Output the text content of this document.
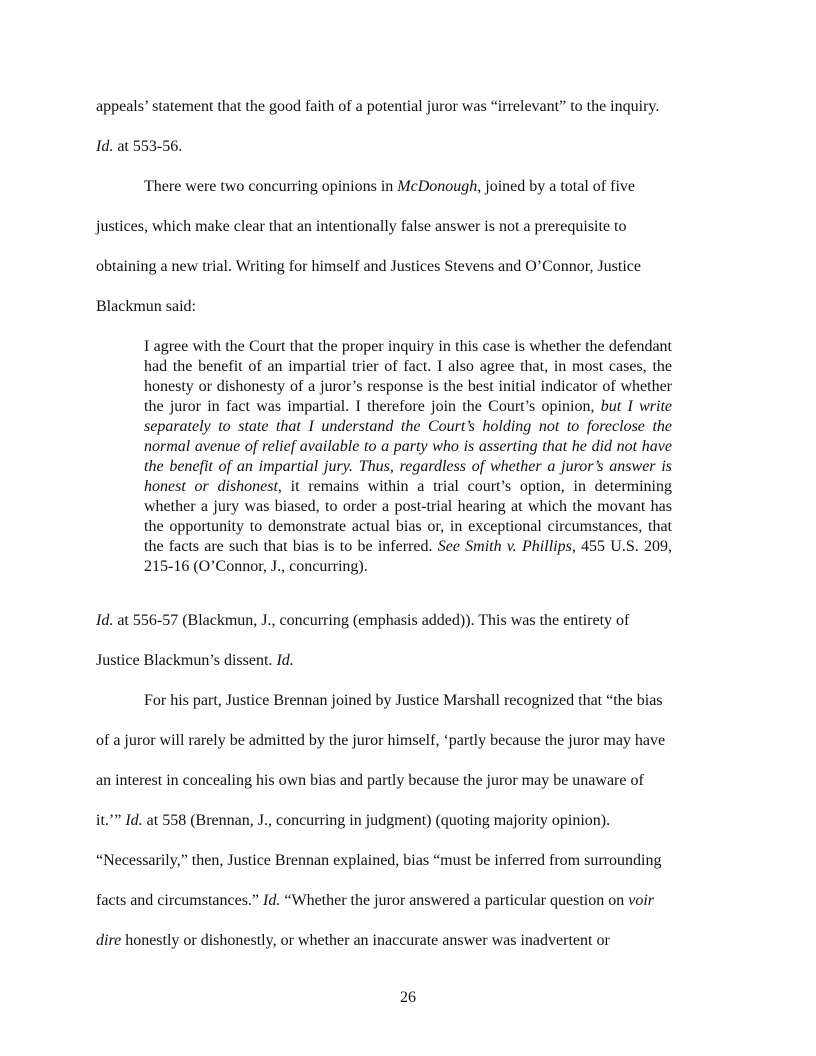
appeals’ statement that the good faith of a potential juror was “irrelevant” to the inquiry.
Id. at 553-56.
There were two concurring opinions in McDonough, joined by a total of five
justices, which make clear that an intentionally false answer is not a prerequisite to
obtaining a new trial. Writing for himself and Justices Stevens and O’Connor, Justice
Blackmun said:
I agree with the Court that the proper inquiry in this case is whether the defendant had the benefit of an impartial trier of fact. I also agree that, in most cases, the honesty or dishonesty of a juror’s response is the best initial indicator of whether the juror in fact was impartial. I therefore join the Court’s opinion, but I write separately to state that I understand the Court’s holding not to foreclose the normal avenue of relief available to a party who is asserting that he did not have the benefit of an impartial jury. Thus, regardless of whether a juror’s answer is honest or dishonest, it remains within a trial court’s option, in determining whether a jury was biased, to order a post-trial hearing at which the movant has the opportunity to demonstrate actual bias or, in exceptional circumstances, that the facts are such that bias is to be inferred. See Smith v. Phillips, 455 U.S. 209, 215-16 (O’Connor, J., concurring).
Id. at 556-57 (Blackmun, J., concurring (emphasis added)). This was the entirety of
Justice Blackmun’s dissent. Id.
For his part, Justice Brennan joined by Justice Marshall recognized that “the bias
of a juror will rarely be admitted by the juror himself, ‘partly because the juror may have
an interest in concealing his own bias and partly because the juror may be unaware of
it.’” Id. at 558 (Brennan, J., concurring in judgment) (quoting majority opinion).
“Necessarily,” then, Justice Brennan explained, bias “must be inferred from surrounding
facts and circumstances.” Id. “Whether the juror answered a particular question on voir
dire honestly or dishonestly, or whether an inaccurate answer was inadvertent or
26
